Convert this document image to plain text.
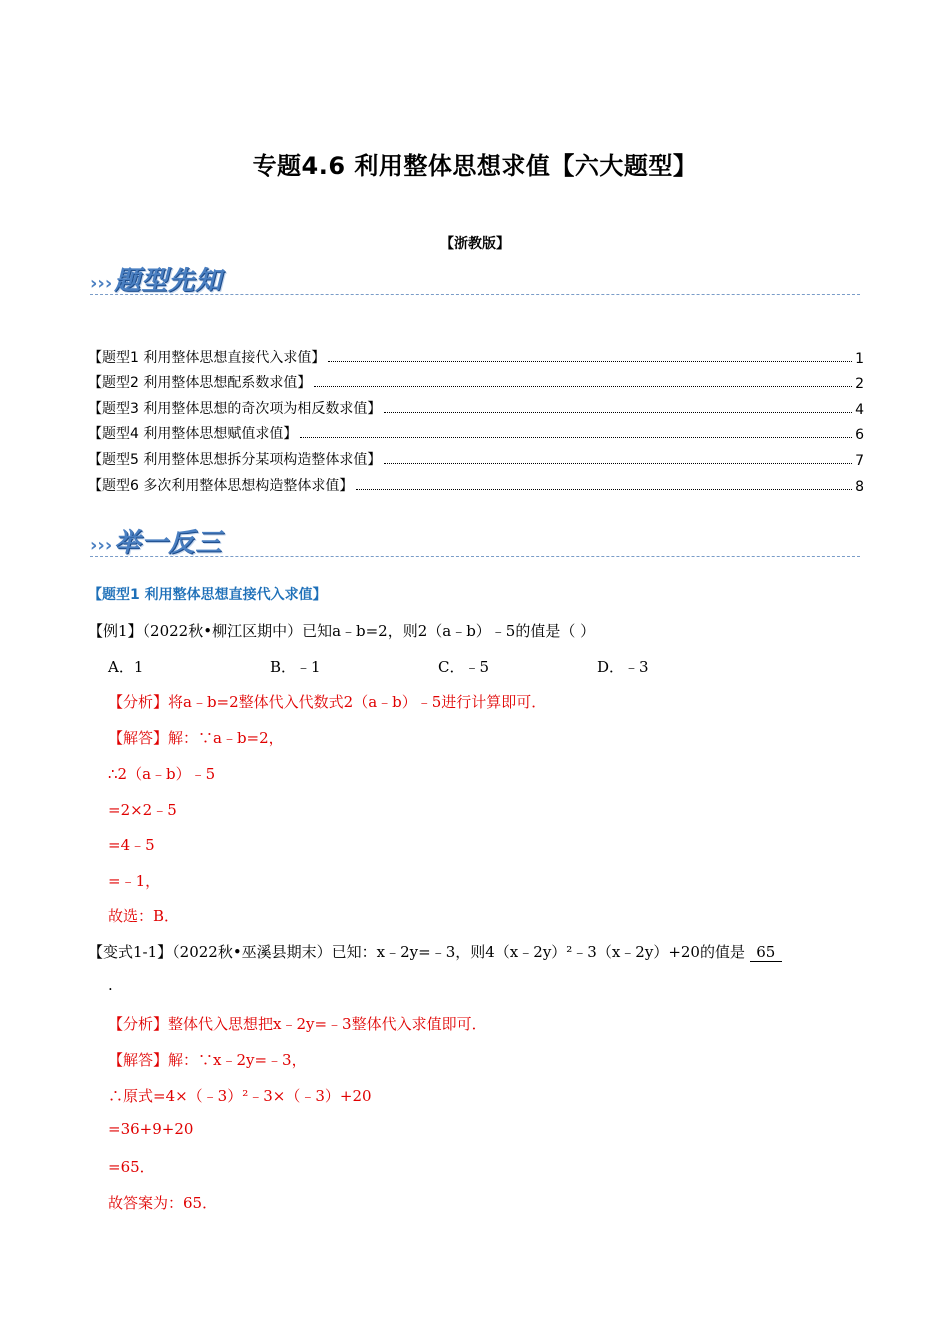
专题4.6 利用整体思想求值【六大题型】
【浙教版】
›››题型先知
【题型1 利用整体思想直接代入求值】	1
【题型2 利用整体思想配系数求值】	2
【题型3 利用整体思想的奇次项为相反数求值】	4
【题型4 利用整体思想赋值求值】	6
【题型5 利用整体思想拆分某项构造整体求值】	7
【题型6 多次利用整体思想构造整体求值】	8
›››举一反三
【题型1 利用整体思想直接代入求值】
【例1】（2022秋•柳江区期中）已知a﹣b=2，则2（a﹣b）﹣5的值是（ ）
A．1	B．﹣1	C．﹣5	D．﹣3
【分析】将a﹣b=2整体代入代数式2（a﹣b）﹣5进行计算即可．
【解答】解：∵a﹣b=2，
∴2（a﹣b）﹣5
=2×2﹣5
=4﹣5
=﹣1，
故选：B．
【变式1-1】（2022秋•巫溪县期末）已知：x﹣2y=﹣3，则4（x﹣2y）²﹣3（x﹣2y）+20的值是 65
.
【分析】整体代入思想把x﹣2y=﹣3整体代入求值即可．
【解答】解：∵x﹣2y=﹣3，
∴原式=4×（﹣3）²﹣3×（﹣3）+20
=36+9+20
=65．
故答案为：65．
